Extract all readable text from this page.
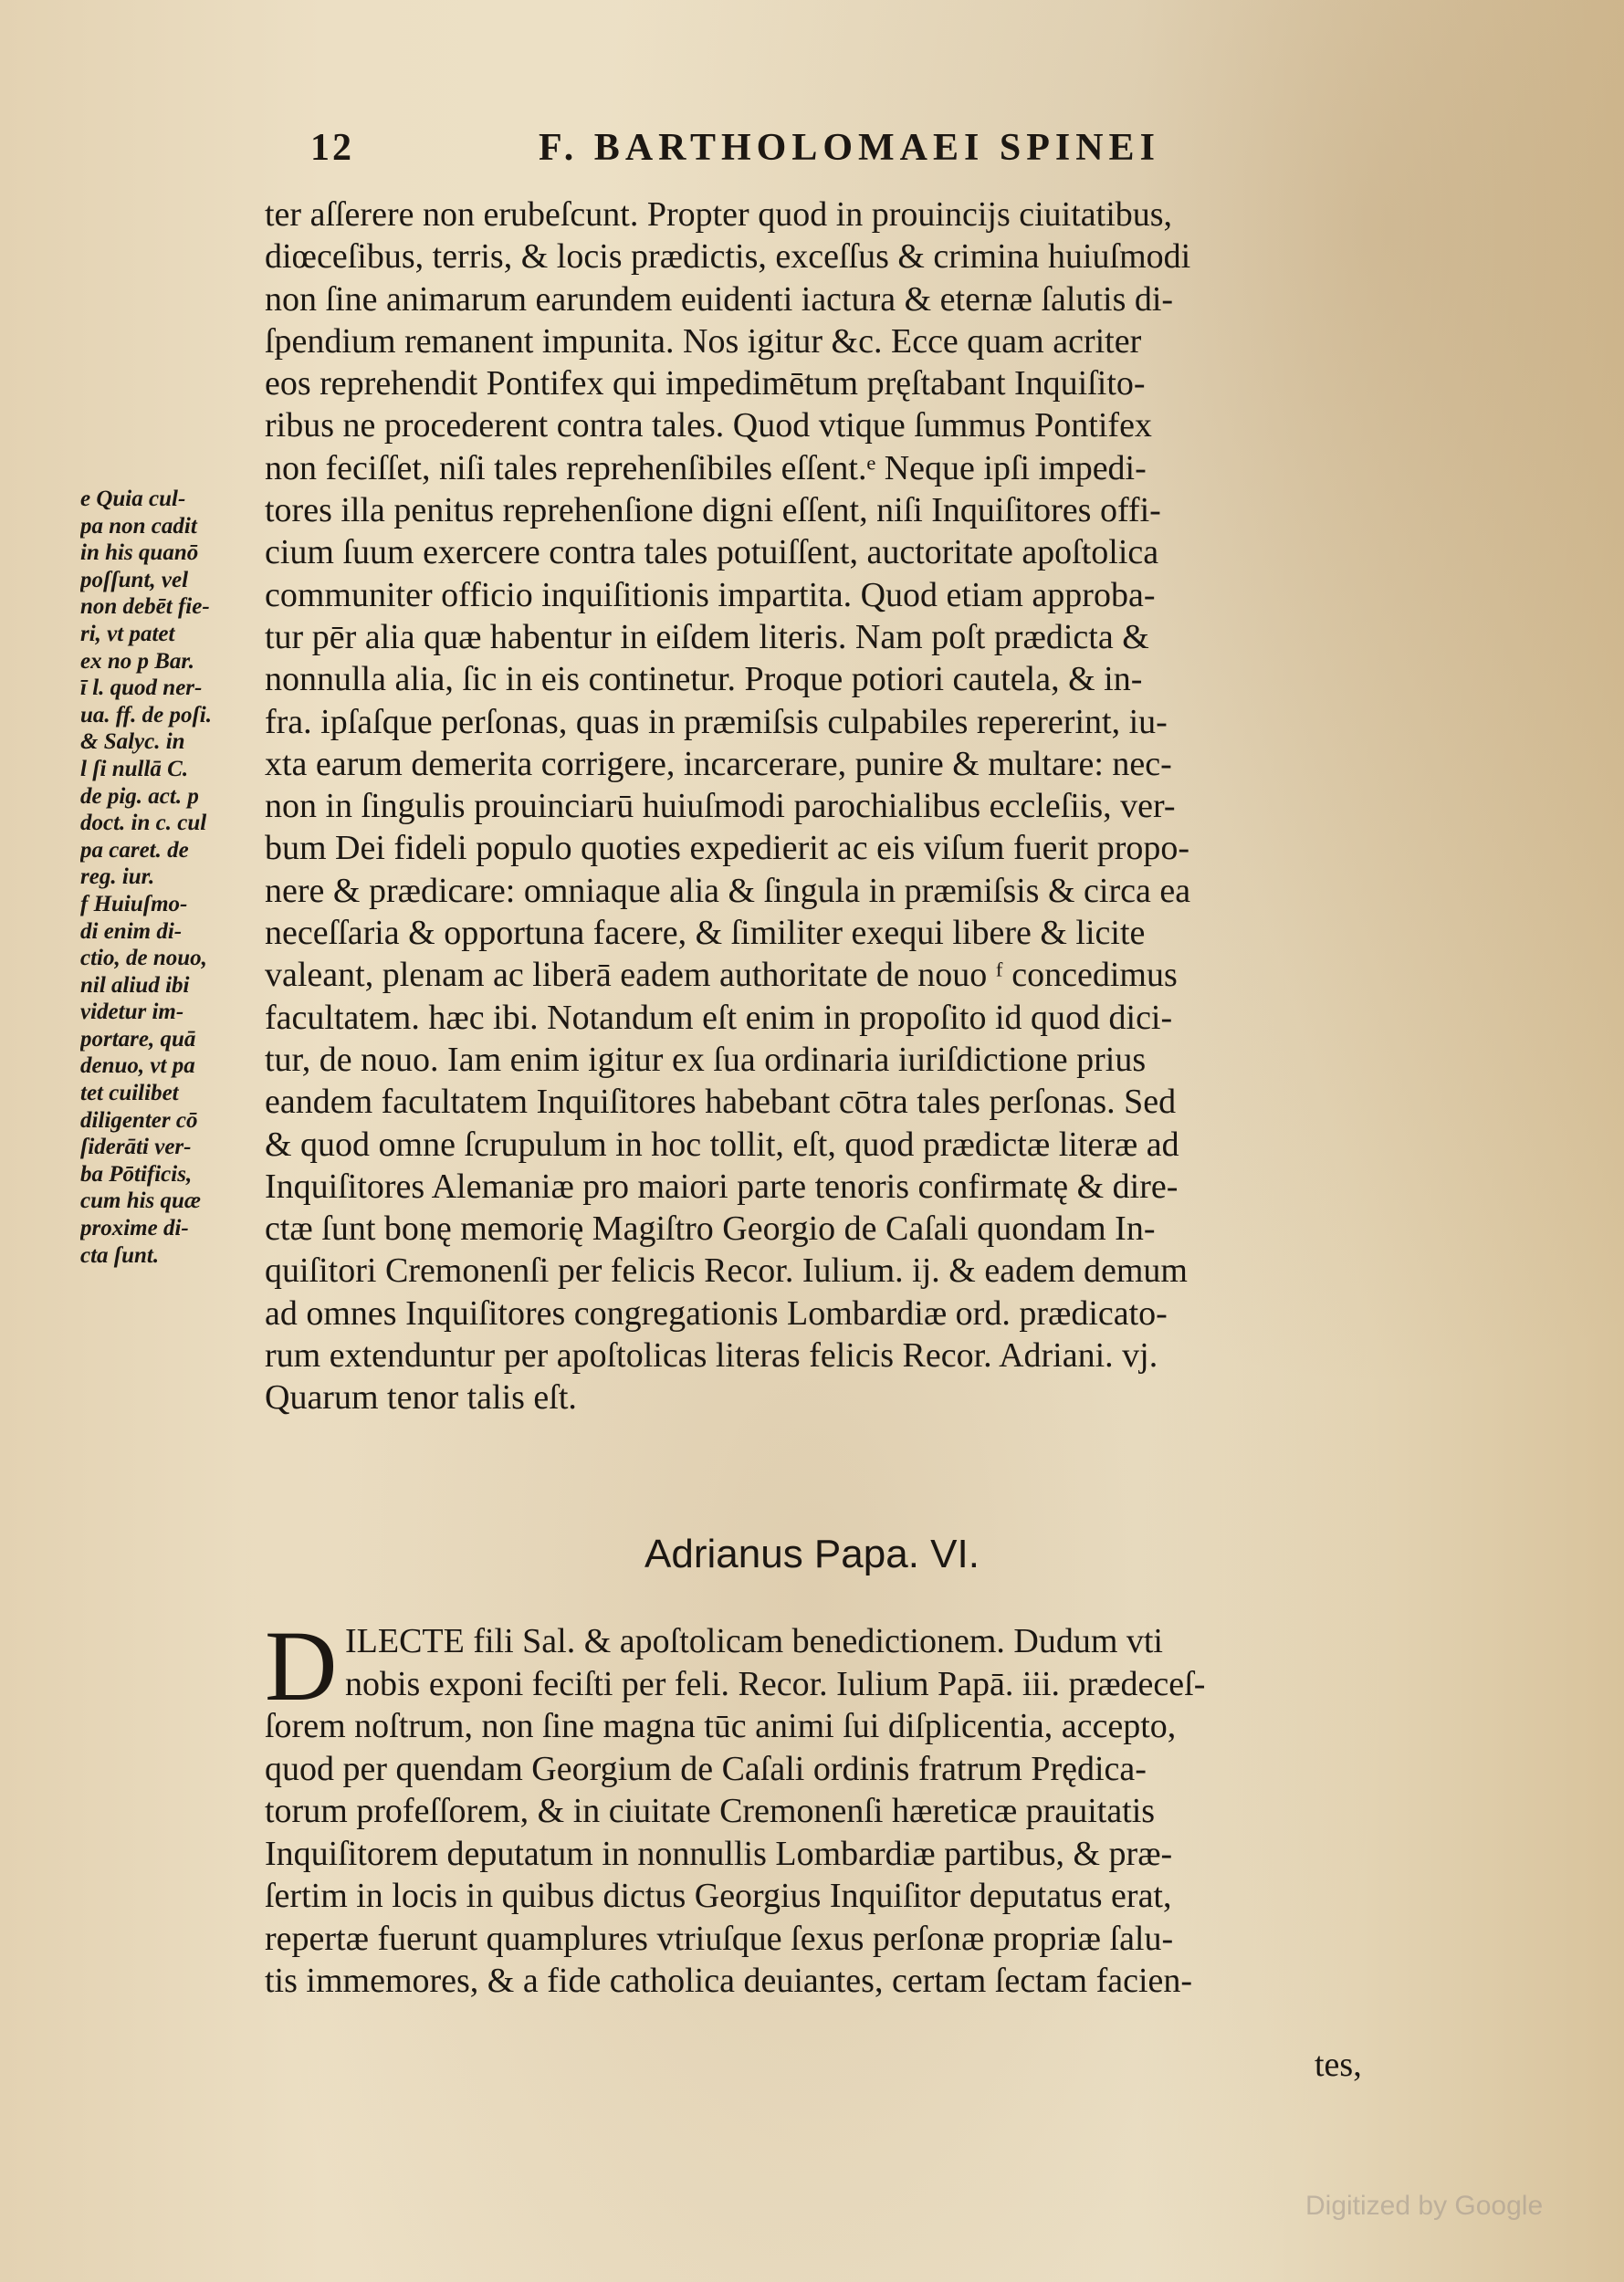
12	F. BARTHOLOMAEI SPINEI
e Quia cul-
pa non cadit
in his quanō
poſſunt, vel
non debēt fie-
ri, vt patet
ex no p Bar.
ī l. quod ner-
ua. ff. de poſi.
& Salyc. in
l ſi nullā C.
de pig. act. p
doct. in c. cul
pa caret. de
reg. iur.
f Huiuſmo-
di enim di-
ctio, de nouo,
nil aliud ibi
videtur im-
portare, quā
denuo, vt pa
tet cuilibet
diligenter cō
ſiderāti ver-
ba Pōtificis,
cum his quæ
proxime di-
cta ſunt.
ter aſſerere non erubeſcunt. Propter quod in prouincijs ciuitatibus,
diœceſibus, terris, & locis prædictis, exceſſus & crimina huiuſmodi
non ſine animarum earundem euidenti iactura & eternæ ſalutis di-
ſpendium remanent impunita. Nos igitur &c. Ecce quam acriter
eos reprehendit Pontifex qui impedimētum pręſtabant Inquiſito-
ribus ne procederent contra tales. Quod vtique ſummus Pontifex
non feciſſet, niſi tales reprehenſibiles eſſent.ᵉ Neque ipſi impedi-
tores illa penitus reprehenſione digni eſſent, niſi Inquiſitores offi-
cium ſuum exercere contra tales potuiſſent, auctoritate apoſtolica
communiter officio inquiſitionis impartita. Quod etiam approba-
tur pēr alia quæ habentur in eiſdem literis. Nam poſt prædicta &
nonnulla alia, ſic in eis continetur. Proque potiori cautela, & in-
fra. ipſaſque perſonas, quas in præmiſsis culpabiles repererint, iu-
xta earum demerita corrigere, incarcerare, punire & multare: nec-
non in ſingulis prouinciarū huiuſmodi parochialibus eccleſiis, ver-
bum Dei fideli populo quoties expedierit ac eis viſum fuerit propo-
nere & prædicare: omniaque alia & ſingula in præmiſsis & circa ea
neceſſaria & opportuna facere, & ſimiliter exequi libere & licite
valeant, plenam ac liberā eadem authoritate de nouo ᶠ concedimus
facultatem. hæc ibi. Notandum eſt enim in propoſito id quod dici-
tur, de nouo. Iam enim igitur ex ſua ordinaria iuriſdictione prius
eandem facultatem Inquiſitores habebant cōtra tales perſonas. Sed
& quod omne ſcrupulum in hoc tollit, eſt, quod prædictæ literæ ad
Inquiſitores Alemaniæ pro maiori parte tenoris confirmatę & dire-
ctæ ſunt bonę memorię Magiſtro Georgio de Caſali quondam In-
quiſitori Cremonenſi per felicis Recor. Iulium. ij. & eadem demum
ad omnes Inquiſitores congregationis Lombardiæ ord. prædicato-
rum extenduntur per apoſtolicas literas felicis Recor. Adriani. vj.
Quarum tenor talis eſt.
Adrianus Papa. VI.
D ILECTE fili Sal. & apoſtolicam benedictionem. Dudum vti
nobis exponi feciſti per feli. Recor. Iulium Papā. iii. prædeceſ-
ſorem noſtrum, non ſine magna tūc animi ſui diſplicentia, accepto,
quod per quendam Georgium de Caſali ordinis fratrum Prędica-
torum profeſſorem, & in ciuitate Cremonenſi hæreticæ prauitatis
Inquiſitorem deputatum in nonnullis Lombardiæ partibus, & præ-
ſertim in locis in quibus dictus Georgius Inquiſitor deputatus erat,
repertæ fuerunt quamplures vtriuſque ſexus perſonæ propriæ ſalu-
tis immemores, & a fide catholica deuiantes, certam ſectam facien-
tes,
Digitized by Google
